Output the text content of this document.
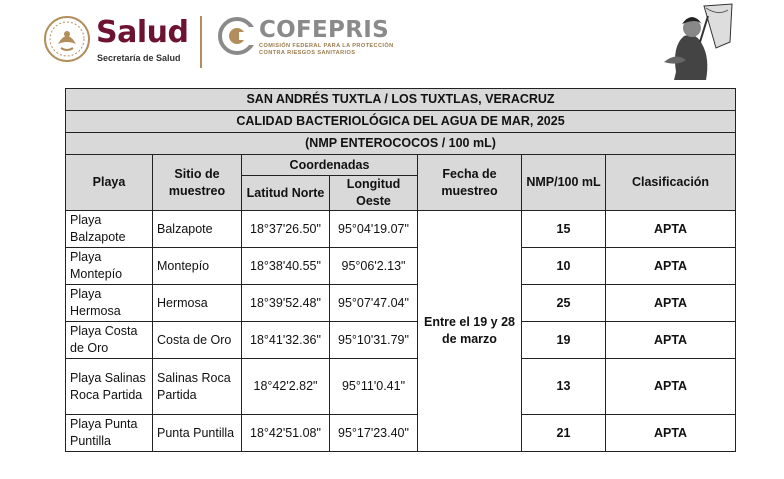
Salud
Secretaría de Salud
COFEPRIS
COMISIÓN FEDERAL PARA LA PROTECCIÓN
CONTRA RIESGOS SANITARIOS
SAN ANDRÉS TUXTLA / LOS TUXTLAS, VERACRUZ						
CALIDAD BACTERIOLÓGICA DEL AGUA DE MAR, 2025						
(NMP ENTEROCOCOS / 100 mL)						
Playa	Sitio de muestreo	Coordenadas		Fecha de muestreo	NMP/100 mL	Clasificación
		Latitud Norte	Longitud Oeste			
Playa Balzapote	Balzapote	18°37'26.50"	95°04'19.07"	Entre el 19 y 28 de marzo	15	APTA
Playa Montepío	Montepío	18°38'40.55"	95°06'2.13"		10	APTA
Playa Hermosa	Hermosa	18°39'52.48"	95°07'47.04"		25	APTA
Playa Costa de Oro	Costa de Oro	18°41'32.36"	95°10'31.79"		19	APTA
Playa Salinas Roca Partida	Salinas Roca Partida	18°42'2.82"	95°11'0.41"		13	APTA
Playa Punta Puntilla	Punta Puntilla	18°42'51.08"	95°17'23.40"		21	APTA
